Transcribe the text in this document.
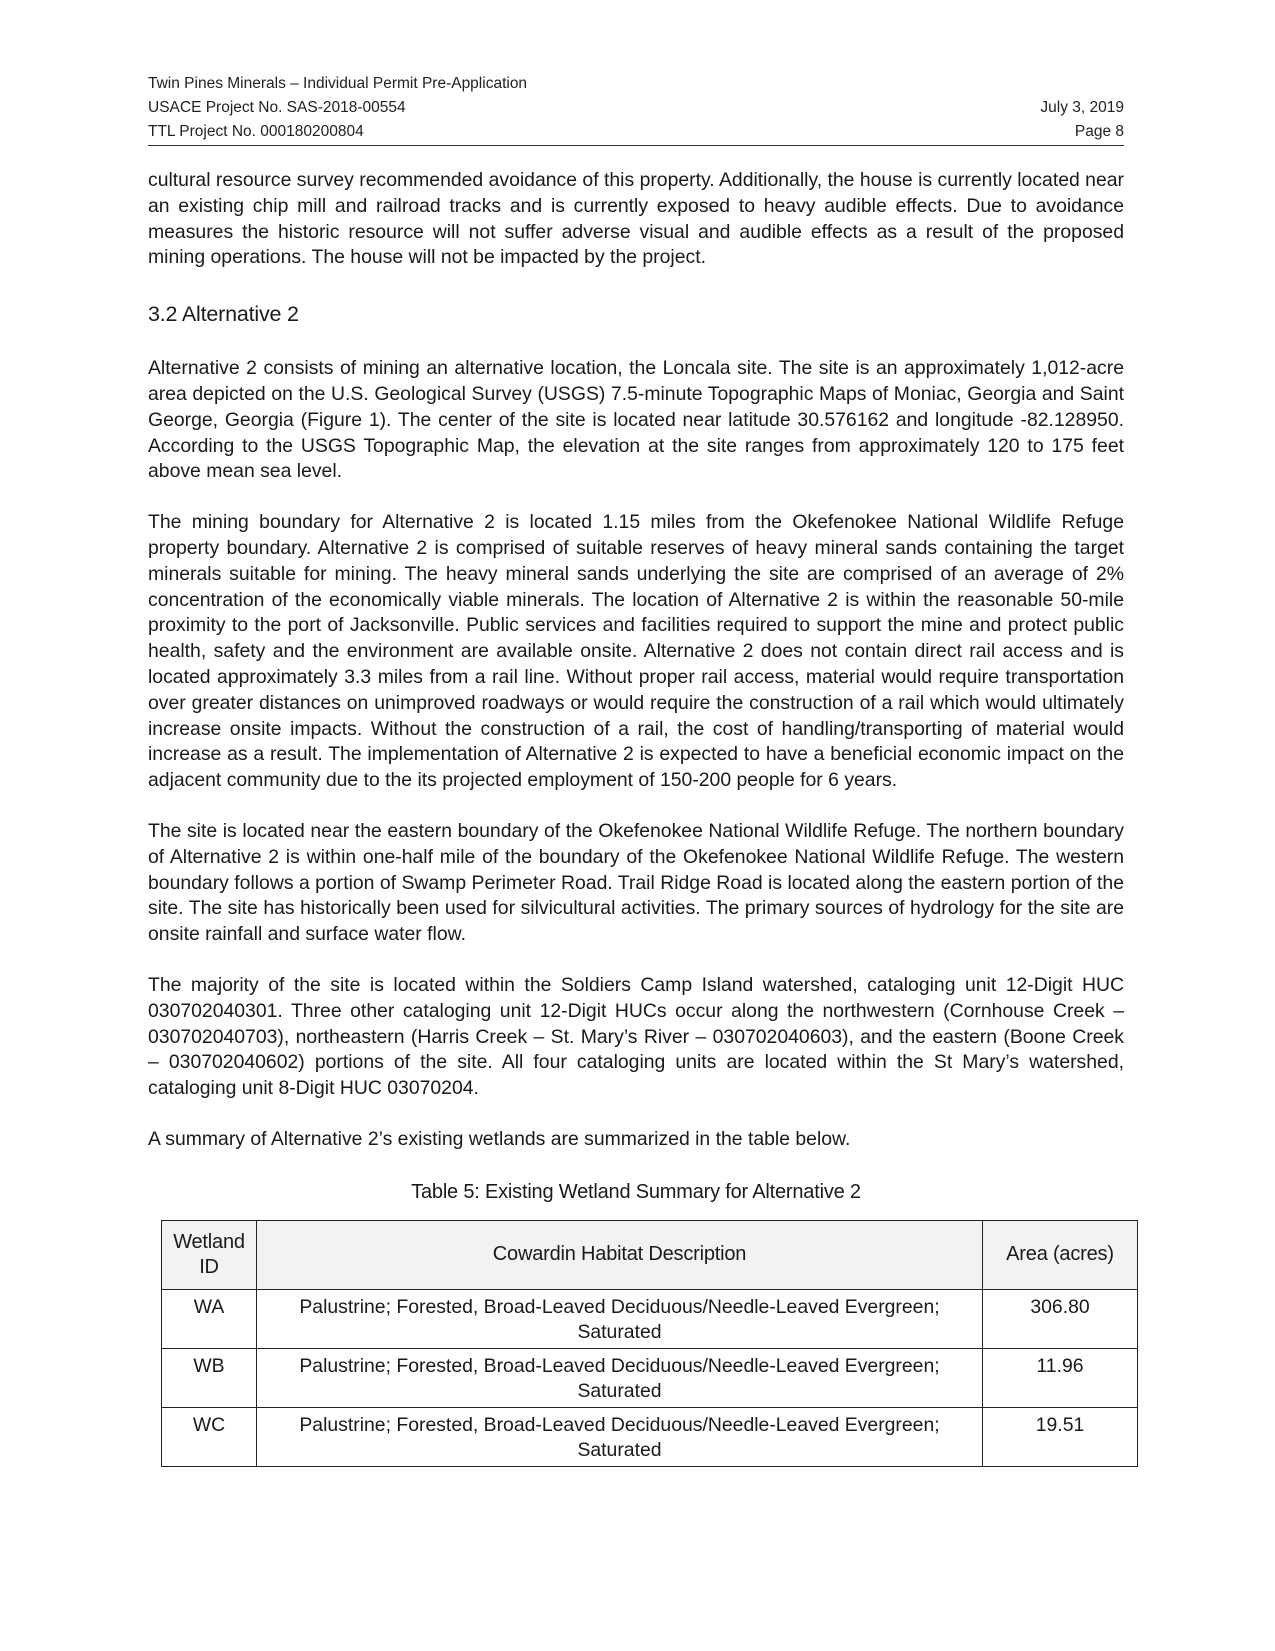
Twin Pines Minerals – Individual Permit Pre-Application
USACE Project No. SAS-2018-00554	July 3, 2019
TTL Project No. 000180200804	Page 8

cultural resource survey recommended avoidance of this property. Additionally, the house is currently located near an existing chip mill and railroad tracks and is currently exposed to heavy audible effects. Due to avoidance measures the historic resource will not suffer adverse visual and audible effects as a result of the proposed mining operations. The house will not be impacted by the project.

3.2 Alternative 2

Alternative 2 consists of mining an alternative location, the Loncala site. The site is an approximately 1,012-acre area depicted on the U.S. Geological Survey (USGS) 7.5-minute Topographic Maps of Moniac, Georgia and Saint George, Georgia (Figure 1). The center of the site is located near latitude 30.576162 and longitude -82.128950. According to the USGS Topographic Map, the elevation at the site ranges from approximately 120 to 175 feet above mean sea level.

The mining boundary for Alternative 2 is located 1.15 miles from the Okefenokee National Wildlife Refuge property boundary. Alternative 2 is comprised of suitable reserves of heavy mineral sands containing the target minerals suitable for mining. The heavy mineral sands underlying the site are comprised of an average of 2% concentration of the economically viable minerals. The location of Alternative 2 is within the reasonable 50-mile proximity to the port of Jacksonville. Public services and facilities required to support the mine and protect public health, safety and the environment are available onsite. Alternative 2 does not contain direct rail access and is located approximately 3.3 miles from a rail line. Without proper rail access, material would require transportation over greater distances on unimproved roadways or would require the construction of a rail which would ultimately increase onsite impacts. Without the construction of a rail, the cost of handling/transporting of material would increase as a result. The implementation of Alternative 2 is expected to have a beneficial economic impact on the adjacent community due to the its projected employment of 150-200 people for 6 years.

The site is located near the eastern boundary of the Okefenokee National Wildlife Refuge. The northern boundary of Alternative 2 is within one-half mile of the boundary of the Okefenokee National Wildlife Refuge. The western boundary follows a portion of Swamp Perimeter Road. Trail Ridge Road is located along the eastern portion of the site. The site has historically been used for silvicultural activities. The primary sources of hydrology for the site are onsite rainfall and surface water flow.

The majority of the site is located within the Soldiers Camp Island watershed, cataloging unit 12-Digit HUC 030702040301. Three other cataloging unit 12-Digit HUCs occur along the northwestern (Cornhouse Creek – 030702040703), northeastern (Harris Creek – St. Mary’s River – 030702040603), and the eastern (Boone Creek – 030702040602) portions of the site. All four cataloging units are located within the St Mary’s watershed, cataloging unit 8-Digit HUC 03070204.

A summary of Alternative 2’s existing wetlands are summarized in the table below.

Table 5: Existing Wetland Summary for Alternative 2

Wetland ID	Cowardin Habitat Description	Area (acres)
WA	Palustrine; Forested, Broad-Leaved Deciduous/Needle-Leaved Evergreen; Saturated	306.80
WB	Palustrine; Forested, Broad-Leaved Deciduous/Needle-Leaved Evergreen; Saturated	11.96
WC	Palustrine; Forested, Broad-Leaved Deciduous/Needle-Leaved Evergreen; Saturated	19.51
